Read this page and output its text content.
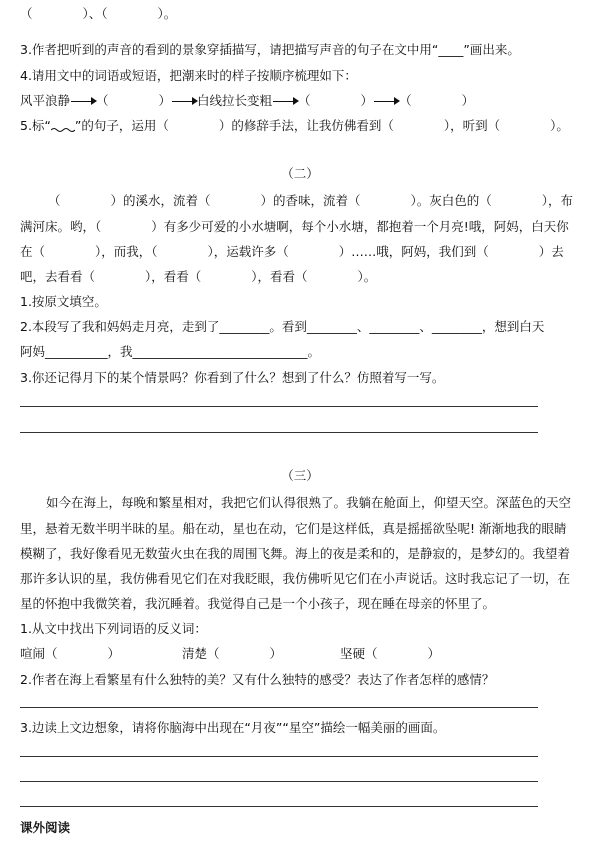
（　　　　）、（　　　　）。
3.作者把听到的声音的看到的景象穿插描写，请把描写声音的句子在文中用“____”画出来。
4.请用文中的词语或短语，把潮来时的样子按顺序梳理如下：
风平浪静 （　　　　） 白线拉长变粗 （　　　　） （　　　　）
5.标“ ”的句子，运用（　　　　）的修辞手法，让我仿佛看到（　　　　），听到（　　　　）。
（二）
（　　　　）的溪水，流着（　　　　）的香味，流着（　　　　）。灰白色的（　　　　），布
满河床。哟，（　　　　）有多少可爱的小水塘啊，每个小水塘，都抱着一个月亮!哦，阿妈，白天你
在（　　　　），而我，（　　　　），运载许多（　　　　）……哦，阿妈，我们到（　　　　）去
吧，去看看（　　　　），看看（　　　　），看看（　　　　）。
1.按原文填空。
2.本段写了我和妈妈走月亮，走到了________。看到________、________、________，想到白天
阿妈__________，我____________________________。
3.你还记得月下的某个情景吗？你看到了什么？想到了什么？仿照着写一写。
（三）
如今在海上，每晚和繁星相对，我把它们认得很熟了。我躺在舱面上，仰望天空。深蓝色的天空
里，悬着无数半明半昧的星。船在动，星也在动，它们是这样低，真是摇摇欲坠呢! 渐渐地我的眼睛
模糊了，我好像看见无数萤火虫在我的周围飞舞。海上的夜是柔和的，是静寂的，是梦幻的。我望着
那许多认识的星，我仿佛看见它们在对我眨眼，我仿佛听见它们在小声说话。这时我忘记了一切，在
星的怀抱中我微笑着，我沉睡着。我觉得自己是一个小孩子，现在睡在母亲的怀里了。
1.从文中找出下列词语的反义词：
喧闹（　　　　）	清楚（　　　　）	坚硬（　　　　）
2.作者在海上看繁星有什么独特的美？又有什么独特的感受？表达了作者怎样的感情？
3.边读上文边想象，请将你脑海中出现在“月夜”“星空”描绘一幅美丽的画面。
课外阅读
